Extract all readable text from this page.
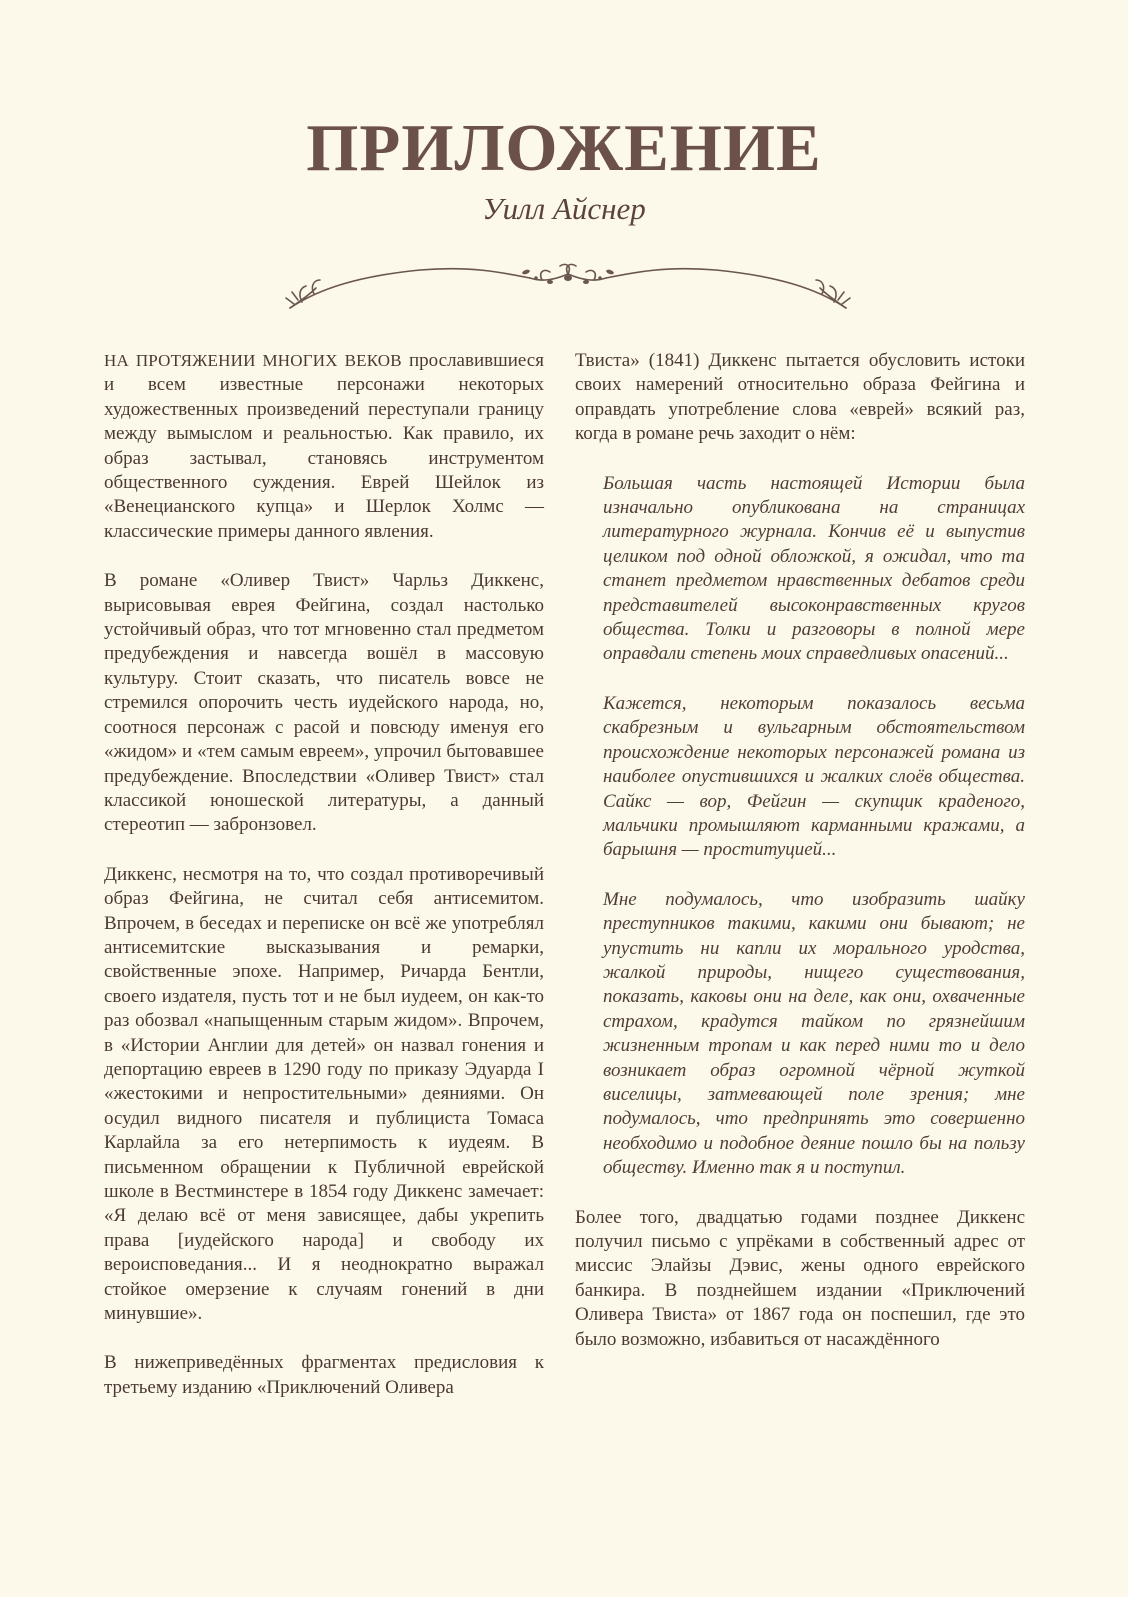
ПРИЛОЖЕНИЕ
Уилл Айснер

НА ПРОТЯЖЕНИИ МНОГИХ ВЕКОВ прославившиеся и всем известные персонажи некоторых художественных произведений переступали границу между вымыслом и реальностью. Как правило, их образ застывал, становясь инструментом общественного суждения. Еврей Шейлок из «Венецианского купца» и Шерлок Холмс — классические примеры данного явления.

В романе «Оливер Твист» Чарльз Диккенс, вырисовывая еврея Фейгина, создал настолько устойчивый образ, что тот мгновенно стал предметом предубеждения и навсегда вошёл в массовую культуру. Стоит сказать, что писатель вовсе не стремился опорочить честь иудейского народа, но, соотнося персонаж с расой и повсюду именуя его «жидом» и «тем самым евреем», упрочил бытовавшее предубеждение. Впоследствии «Оливер Твист» стал классикой юношеской литературы, а данный стереотип — забронзовел.

Диккенс, несмотря на то, что создал противоречивый образ Фейгина, не считал себя антисемитом. Впрочем, в беседах и переписке он всё же употреблял антисемитские высказывания и ремарки, свойственные эпохе. Например, Ричарда Бентли, своего издателя, пусть тот и не был иудеем, он как-то раз обозвал «напыщенным старым жидом». Впрочем, в «Истории Англии для детей» он назвал гонения и депортацию евреев в 1290 году по приказу Эдуарда I «жестокими и непростительными» деяниями. Он осудил видного писателя и публициста Томаса Карлайла за его нетерпимость к иудеям. В письменном обращении к Публичной еврейской школе в Вестминстере в 1854 году Диккенс замечает: «Я делаю всё от меня зависящее, дабы укрепить права [иудейского народа] и свободу их вероисповедания... И я неоднократно выражал стойкое омерзение к случаям гонений в дни минувшие».

В нижеприведённых фрагментах предисловия к третьему изданию «Приключений Оливера

Твиста» (1841) Диккенс пытается обусловить истоки своих намерений относительно образа Фейгина и оправдать употребление слова «еврей» всякий раз, когда в романе речь заходит о нём:

Большая часть настоящей Истории была изначально опубликована на страницах литературного журнала. Кончив её и выпустив целиком под одной обложкой, я ожидал, что та станет предметом нравственных дебатов среди представителей высоконравственных кругов общества. Толки и разговоры в полной мере оправдали степень моих справедливых опасений...

Кажется, некоторым показалось весьма скабрезным и вульгарным обстоятельством происхождение некоторых персонажей романа из наиболее опустившихся и жалких слоёв общества. Сайкс — вор, Фейгин — скупщик краденого, мальчики промышляют карманными кражами, а барышня — проституцией...

Мне подумалось, что изобразить шайку преступников такими, какими они бывают; не упустить ни капли их морального уродства, жалкой природы, нищего существования, показать, каковы они на деле, как они, охваченные страхом, крадутся тайком по грязнейшим жизненным тропам и как перед ними то и дело возникает образ огромной чёрной жуткой виселицы, затмевающей поле зрения; мне подумалось, что предпринять это совершенно необходимо и подобное деяние пошло бы на пользу обществу. Именно так я и поступил.

Более того, двадцатью годами позднее Диккенс получил письмо с упрёками в собственный адрес от миссис Элайзы Дэвис, жены одного еврейского банкира. В позднейшем издании «Приключений Оливера Твиста» от 1867 года он поспешил, где это было возможно, избавиться от насаждённого
